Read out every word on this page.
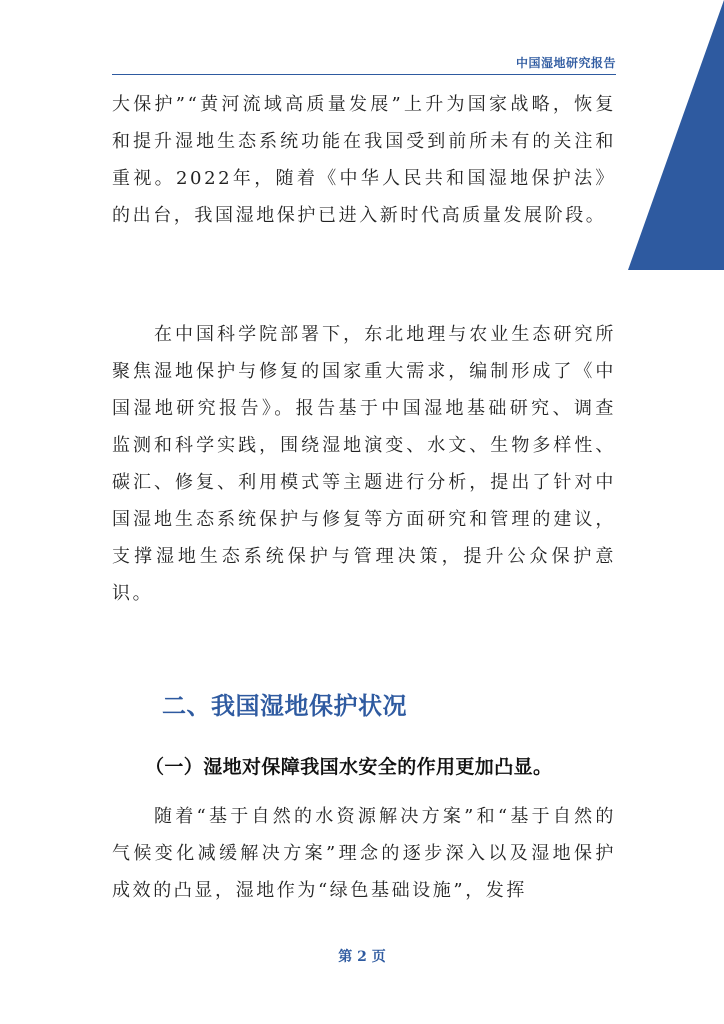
中国湿地研究报告

大保护”“黄河流域高质量发展”上升为国家战略，恢复和提升湿地生态系统功能在我国受到前所未有的关注和重视。2022年，随着《中华人民共和国湿地保护法》的出台，我国湿地保护已进入新时代高质量发展阶段。

在中国科学院部署下，东北地理与农业生态研究所聚焦湿地保护与修复的国家重大需求，编制形成了《中国湿地研究报告》。报告基于中国湿地基础研究、调查监测和科学实践，围绕湿地演变、水文、生物多样性、碳汇、修复、利用模式等主题进行分析，提出了针对中国湿地生态系统保护与修复等方面研究和管理的建议，支撑湿地生态系统保护与管理决策，提升公众保护意识。

二、我国湿地保护状况
（一）湿地对保障我国水安全的作用更加凸显。

随着“基于自然的水资源解决方案”和“基于自然的气候变化减缓解决方案”理念的逐步深入以及湿地保护成效的凸显，湿地作为“绿色基础设施”，发挥

第 2 页
